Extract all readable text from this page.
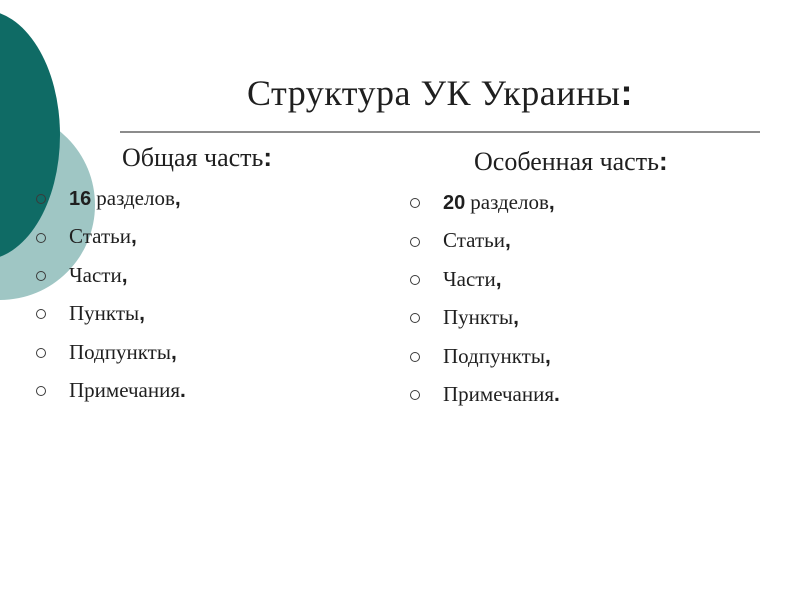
Структура УК Украины:
Общая часть:
16 разделов,
Статьи,
Части,
Пункты,
Подпункты,
Примечания.
Особенная часть:
20 разделов,
Статьи,
Части,
Пункты,
Подпункты,
Примечания.
